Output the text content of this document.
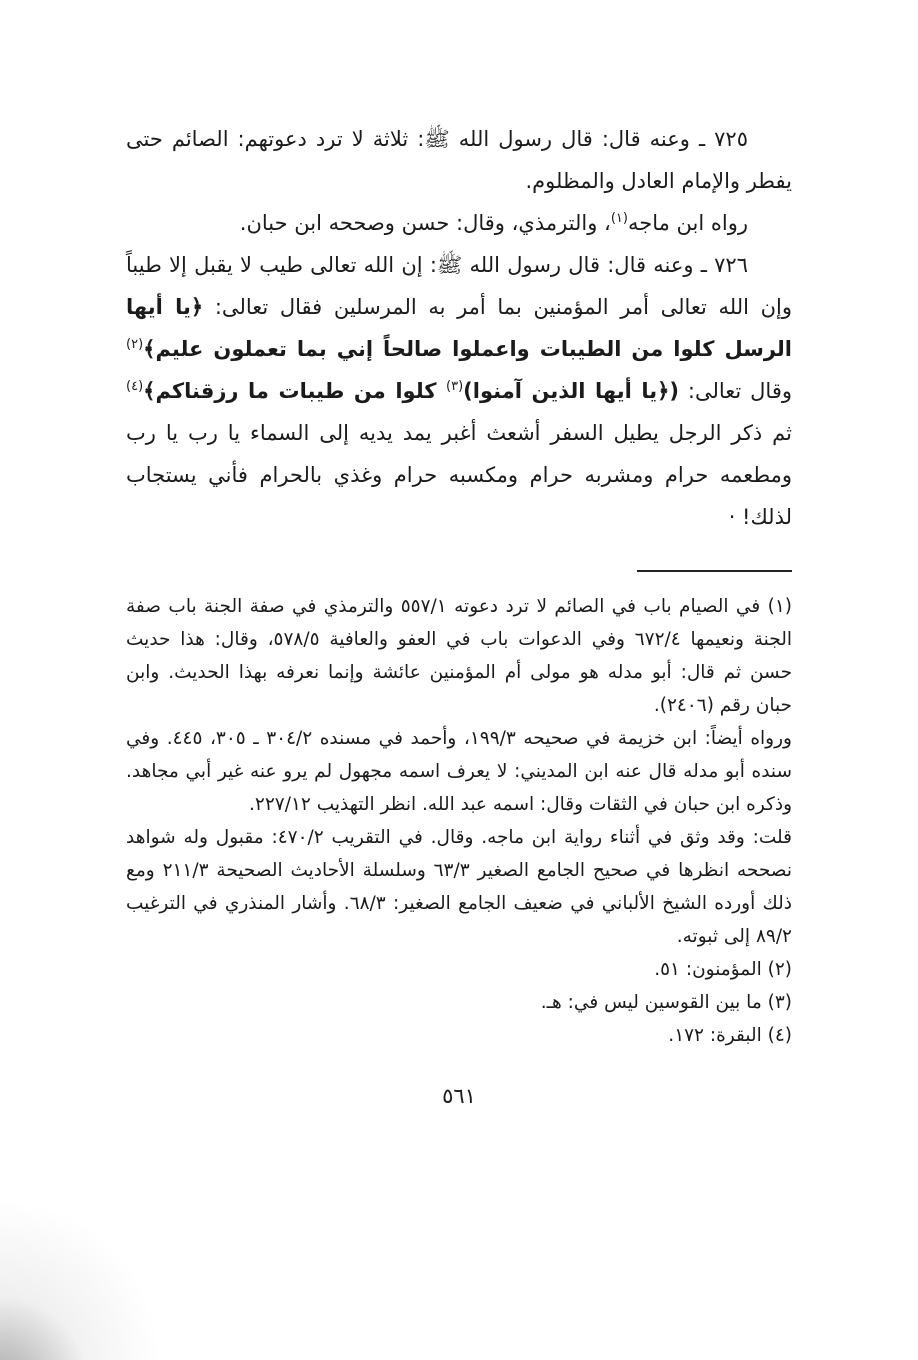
٧٢٥ ـ وعنه قال: قال رسول الله ﷺ: ثلاثة لا ترد دعوتهم: الصائم حتى يفطر والإمام العادل والمظلوم.

رواه ابن ماجه$^{(١)}$، والترمذي، وقال: حسن وصححه ابن حبان.

٧٢٦ ـ وعنه قال: قال رسول الله ﷺ: إن الله تعالى طيب لا يقبل إلا طيباً وإن الله تعالى أمر المؤمنين بما أمر به المرسلين فقال تعالى: ﴿يا أيها الرسل كلوا من الطيبات واعملوا صالحاً إني بما تعملون عليم﴾$^{(٢)}$ وقال تعالى: (﴿يا أيها الذين آمنوا)$^{(٣)}$ كلوا من طيبات ما رزقناكم﴾$^{(٤)}$ ثم ذكر الرجل يطيل السفر أشعث أغبر يمد يديه إلى السماء يا رب يا رب ومطعمه حرام ومشربه حرام ومكسبه حرام وغذي بالحرام فأني يستجاب لذلك! ·

(١) في الصيام باب في الصائم لا ترد دعوته ٥٥٧/١ والترمذي في صفة الجنة باب صفة الجنة ونعيمها ٦٧٢/٤ وفي الدعوات باب في العفو والعافية ٥٧٨/٥، وقال: هذا حديث حسن ثم قال: أبو مدله هو مولى أم المؤمنين عائشة وإنما نعرفه بهذا الحديث. وابن حبان رقم (٢٤٠٦).

ورواه أيضاً: ابن خزيمة في صحيحه ١٩٩/٣، وأحمد في مسنده ٣٠٤/٢ ـ ٣٠٥، ٤٤٥. وفي سنده أبو مدله قال عنه ابن المديني: لا يعرف اسمه مجهول لم يرو عنه غير أبي مجاهد. وذكره ابن حبان في الثقات وقال: اسمه عبد الله. انظر التهذيب ٢٢٧/١٢.

قلت: وقد وثق في أثناء رواية ابن ماجه. وقال. في التقريب ٤٧٠/٢: مقبول وله شواهد نصححه انظرها في صحيح الجامع الصغير ٦٣/٣ وسلسلة الأحاديث الصحيحة ٢١١/٣ ومع ذلك أورده الشيخ الألباني في ضعيف الجامع الصغير: ٦٨/٣. وأشار المنذري في الترغيب ٨٩/٢ إلى ثبوته.

(٢) المؤمنون: ٥١.

(٣) ما بين القوسين ليس في: هـ.

(٤) البقرة: ١٧٢.

٥٦١
